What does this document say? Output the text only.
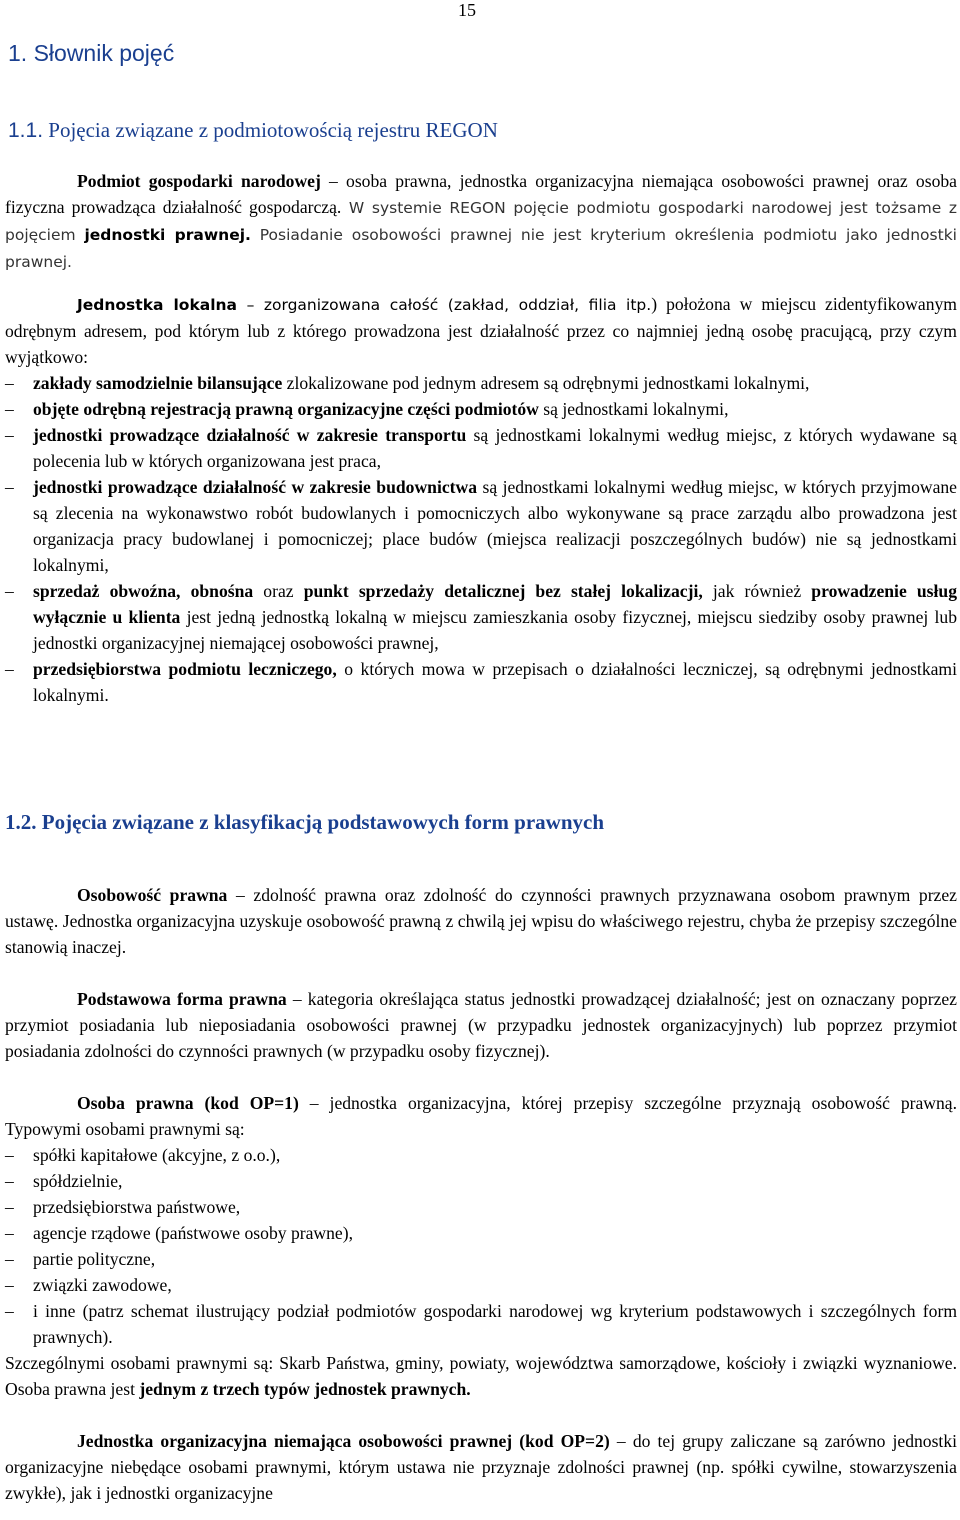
15
1. Słownik pojęć
1.1. Pojęcia związane z podmiotowością rejestru REGON

Podmiot gospodarki narodowej – osoba prawna, jednostka organizacyjna niemająca osobowości prawnej oraz osoba fizyczna prowadząca działalność gospodarczą. W systemie REGON pojęcie podmiotu gospodarki narodowej jest tożsame z pojęciem jednostki prawnej. Posiadanie osobowości prawnej nie jest kryterium określenia podmiotu jako jednostki prawnej.

Jednostka lokalna – zorganizowana całość (zakład, oddział, filia itp.) położona w miejscu zidentyfikowanym odrębnym adresem, pod którym lub z którego prowadzona jest działalność przez co najmniej jedną osobę pracującą, przy czym wyjątkowo:

– zakłady samodzielnie bilansujące zlokalizowane pod jednym adresem są odrębnymi jednostkami lokalnymi,
– objęte odrębną rejestracją prawną organizacyjne części podmiotów są jednostkami lokalnymi,
– jednostki prowadzące działalność w zakresie transportu są jednostkami lokalnymi według miejsc, z których wydawane są polecenia lub w których organizowana jest praca,
– jednostki prowadzące działalność w zakresie budownictwa są jednostkami lokalnymi według miejsc, w których przyjmowane są zlecenia na wykonawstwo robót budowlanych i pomocniczych albo wykonywane są prace zarządu albo prowadzona jest organizacja pracy budowlanej i pomocniczej; place budów (miejsca realizacji poszczególnych budów) nie są jednostkami lokalnymi,
– sprzedaż obwoźna, obnośna oraz punkt sprzedaży detalicznej bez stałej lokalizacji, jak również prowadzenie usług wyłącznie u klienta jest jedną jednostką lokalną w miejscu zamieszkania osoby fizycznej, miejscu siedziby osoby prawnej lub jednostki organizacyjnej niemającej osobowości prawnej,
– przedsiębiorstwa podmiotu leczniczego, o których mowa w przepisach o działalności leczniczej, są odrębnymi jednostkami lokalnymi.
1.2. Pojęcia związane z klasyfikacją podstawowych form prawnych

Osobowość prawna – zdolność prawna oraz zdolność do czynności prawnych przyznawana osobom prawnym przez ustawę. Jednostka organizacyjna uzyskuje osobowość prawną z chwilą jej wpisu do właściwego rejestru, chyba że przepisy szczególne stanowią inaczej.

Podstawowa forma prawna – kategoria określająca status jednostki prowadzącej działalność; jest on oznaczany poprzez przymiot posiadania lub nieposiadania osobowości prawnej (w przypadku jednostek organizacyjnych) lub poprzez przymiot posiadania zdolności do czynności prawnych (w przypadku osoby fizycznej).

Osoba prawna (kod OP=1) – jednostka organizacyjna, której przepisy szczególne przyznają osobowość prawną. Typowymi osobami prawnymi są:

– spółki kapitałowe (akcyjne, z o.o.),
– spółdzielnie,
– przedsiębiorstwa państwowe,
– agencje rządowe (państwowe osoby prawne),
– partie polityczne,
– związki zawodowe,
– i inne (patrz schemat ilustrujący podział podmiotów gospodarki narodowej wg kryterium podstawowych i szczególnych form prawnych).

Szczególnymi osobami prawnymi są: Skarb Państwa, gminy, powiaty, województwa samorządowe, kościoły i związki wyznaniowe. Osoba prawna jest jednym z trzech typów jednostek prawnych.

Jednostka organizacyjna niemająca osobowości prawnej (kod OP=2) – do tej grupy zaliczane są zarówno jednostki organizacyjne niebędące osobami prawnymi, którym ustawa nie przyznaje zdolności prawnej (np. spółki cywilne, stowarzyszenia zwykłe), jak i jednostki organizacyjne
